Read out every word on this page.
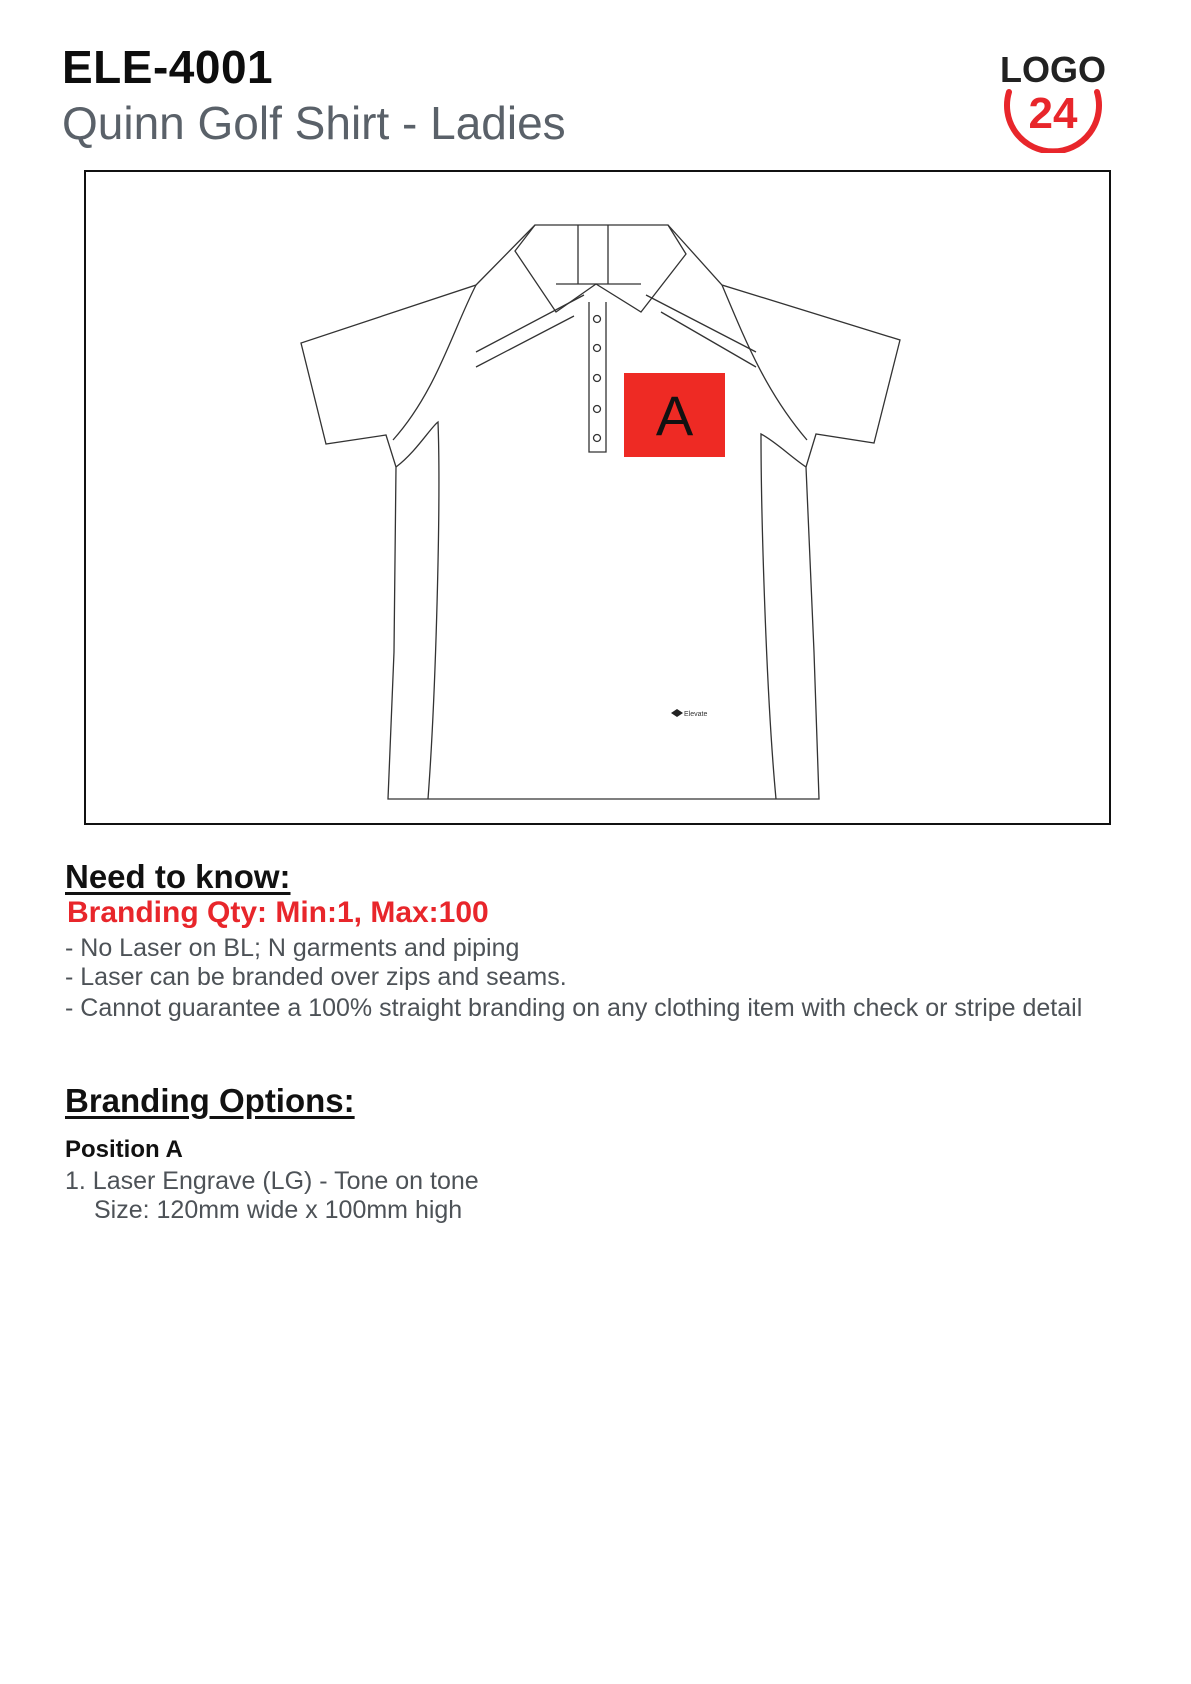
ELE-4001
Quinn Golf Shirt - Ladies
LOGO
24
Elevate
A
Need to know:
Branding Qty: Min:1, Max:100
- No Laser on BL; N garments and piping
- Laser can be branded over zips and seams.
- Cannot guarantee a 100% straight branding on any clothing item with check or stripe detail
Branding Options:
Position A
1. Laser Engrave (LG) - Tone on tone
Size: 120mm wide x 100mm high
